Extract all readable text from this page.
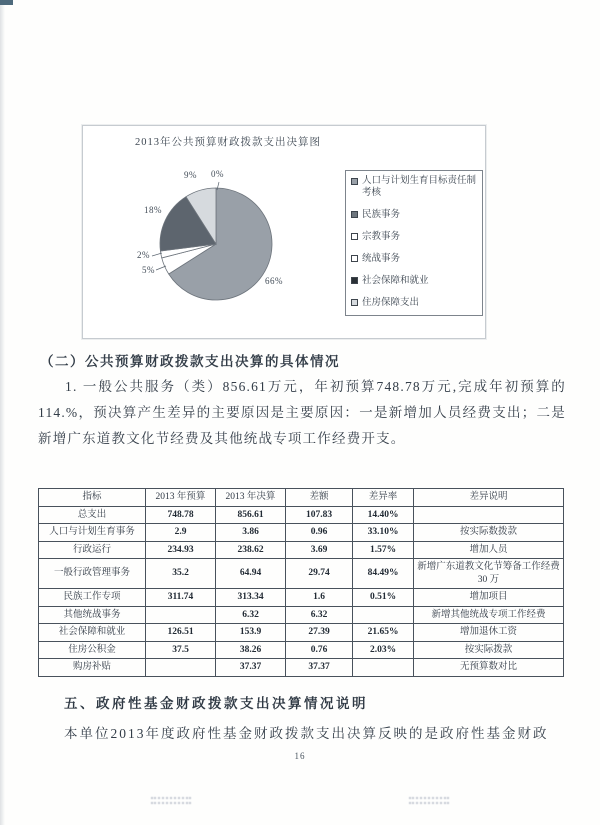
2013年公共预算财政拨款支出决算图
66%
0%
5%
2%
18%
9%
人口与计划生育目标责任制考核
民族事务
宗教事务
统战事务
社会保障和就业
住房保障支出
（二）公共预算财政拨款支出决算的具体情况
1. 一般公共服务（类）856.61万元，年初预算748.78万元,完成年初预算的114.%，预决算产生差异的主要原因是主要原因：一是新增加人员经费支出；二是新增广东道教文化节经费及其他统战专项工作经费开支。
指标	2013 年预算	2013 年决算	差额	差异率	差异说明
总支出	748.78	856.61	107.83	14.40%	
人口与计划生育事务	2.9	3.86	0.96	33.10%	按实际数拨款
行政运行	234.93	238.62	3.69	1.57%	增加人员
一般行政管理事务	35.2	64.94	29.74	84.49%	新增广东道教文化节筹备工作经费 30 万
民族工作专项	311.74	313.34	1.6	0.51%	增加项目
其他统战事务		6.32	6.32		新增其他统战专项工作经费
社会保障和就业	126.51	153.9	27.39	21.65%	增加退休工资
住房公积金	37.5	38.26	0.76	2.03%	按实际拨款
购房补贴		37.37	37.37		无预算数对比
五、政府性基金财政拨款支出决算情况说明
本单位2013年度政府性基金财政拨款支出决算反映的是政府性基金财政
16
